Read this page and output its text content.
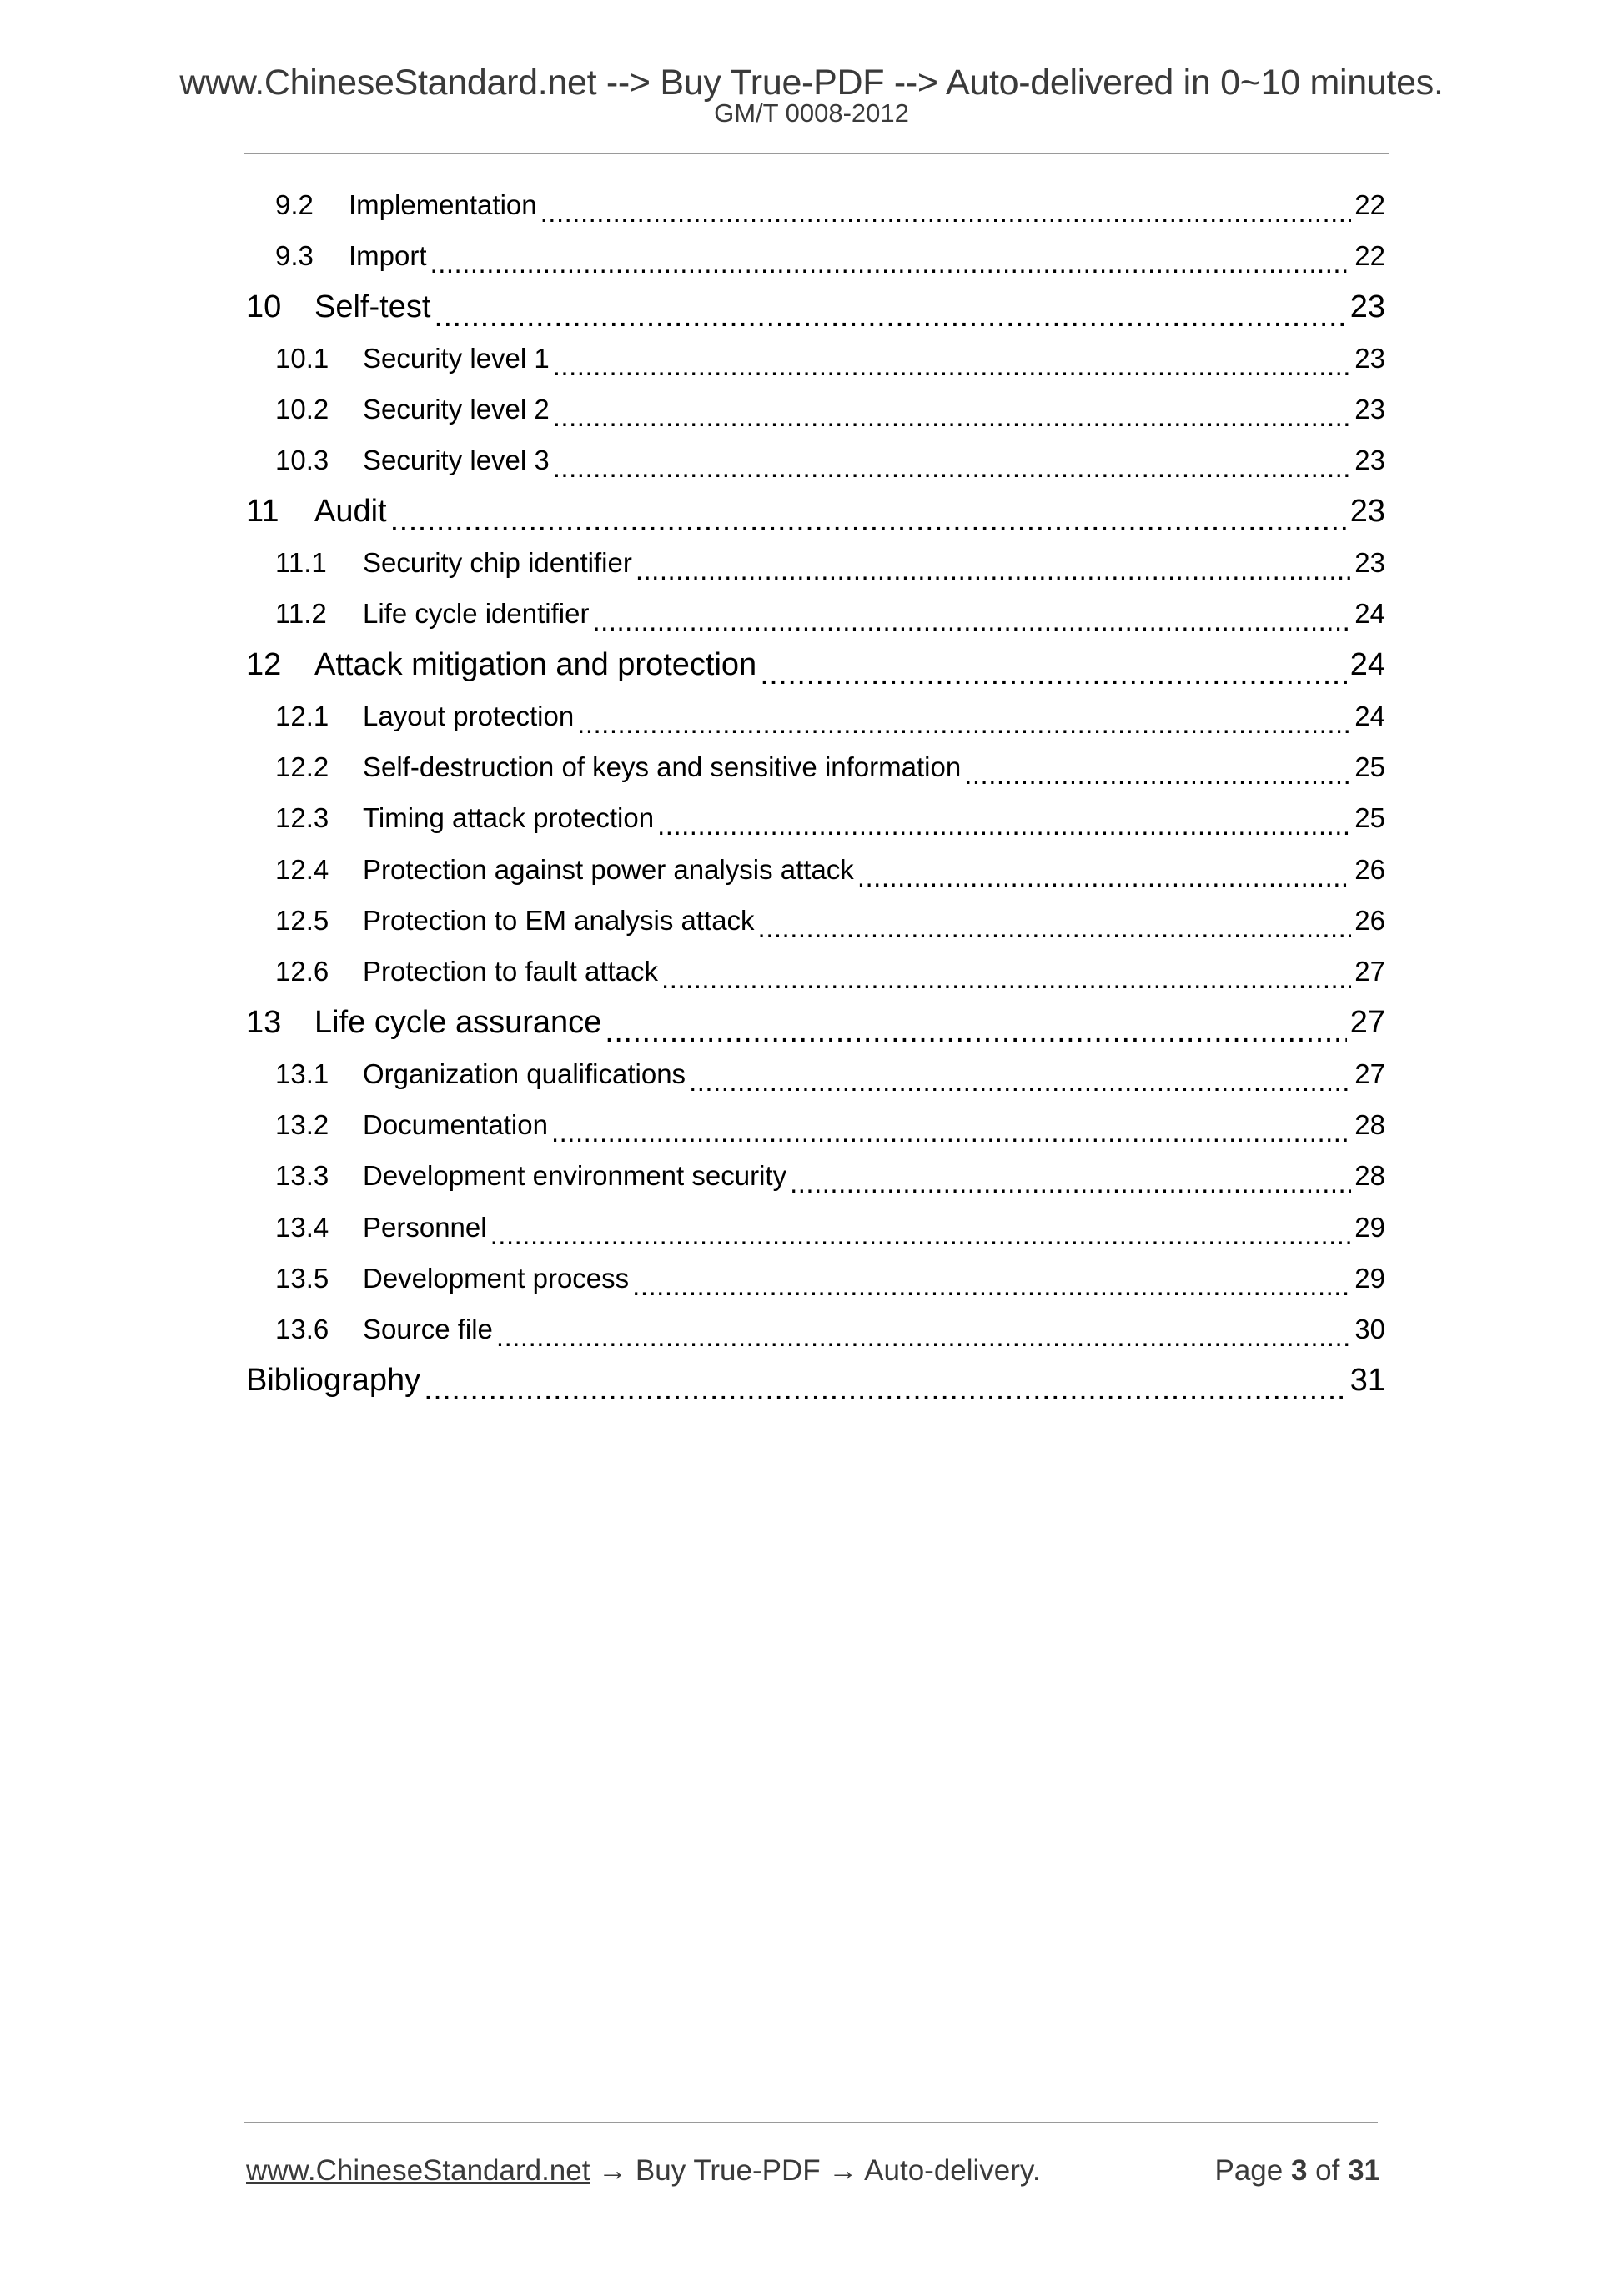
www.ChineseStandard.net --> Buy True-PDF --> Auto-delivered in 0~10 minutes.
GM/T 0008-2012
9.2	Implementation .....	22
9.3	Import .....	22
10	Self-test .....	23
10.1	Security level 1 .....	23
10.2	Security level 2 .....	23
10.3	Security level 3 .....	23
11	Audit .....	23
11.1	Security chip identifier .....	23
11.2	Life cycle identifier .....	24
12	Attack mitigation and protection .....	24
12.1	Layout protection .....	24
12.2	Self-destruction of keys and sensitive information .....	25
12.3	Timing attack protection .....	25
12.4	Protection against power analysis attack .....	26
12.5	Protection to EM analysis attack .....	26
12.6	Protection to fault attack .....	27
13	Life cycle assurance .....	27
13.1	Organization qualifications .....	27
13.2	Documentation .....	28
13.3	Development environment security .....	28
13.4	Personnel .....	29
13.5	Development process .....	29
13.6	Source file .....	30
Bibliography .....	31
www.ChineseStandard.net → Buy True-PDF → Auto-delivery.	Page 3 of 31
